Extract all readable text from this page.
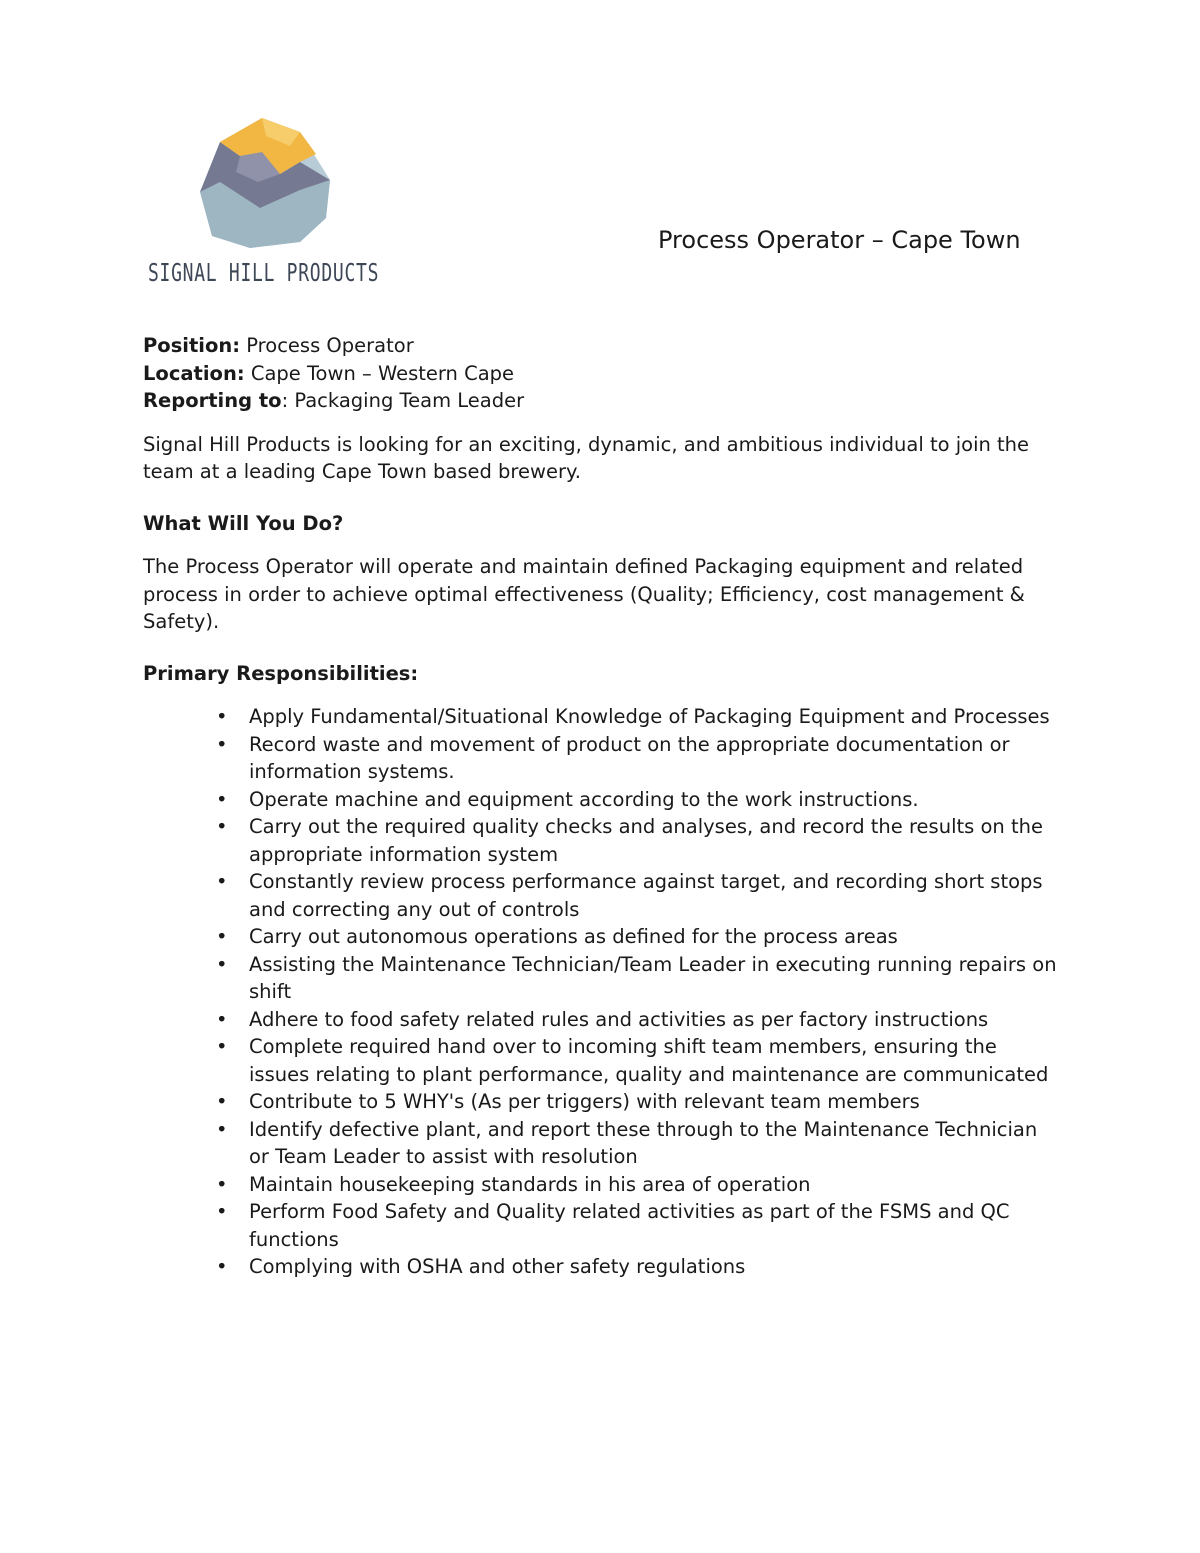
SIGNAL HILL PRODUCTS
Process Operator – Cape Town

Position: Process Operator

Location: Cape Town – Western Cape

Reporting to: Packaging Team Leader

Signal Hill Products is looking for an exciting, dynamic, and ambitious individual to join the team at a leading Cape Town based brewery.

What Will You Do?

The Process Operator will operate and maintain defined Packaging equipment and related process in order to achieve optimal effectiveness (Quality; Efficiency, cost management & Safety).

Primary Responsibilities:
• Apply Fundamental/Situational Knowledge of Packaging Equipment and Processes
• Record waste and movement of product on the appropriate documentation or information systems.
• Operate machine and equipment according to the work instructions.
• Carry out the required quality checks and analyses, and record the results on the appropriate information system
• Constantly review process performance against target, and recording short stops and correcting any out of controls
• Carry out autonomous operations as defined for the process areas
• Assisting the Maintenance Technician/Team Leader in executing running repairs on shift
• Adhere to food safety related rules and activities as per factory instructions
• Complete required hand over to incoming shift team members, ensuring the issues relating to plant performance, quality and maintenance are communicated
• Contribute to 5 WHY's (As per triggers) with relevant team members
• Identify defective plant, and report these through to the Maintenance Technician or Team Leader to assist with resolution
• Maintain housekeeping standards in his area of operation
• Perform Food Safety and Quality related activities as part of the FSMS and QC functions
• Complying with OSHA and other safety regulations
